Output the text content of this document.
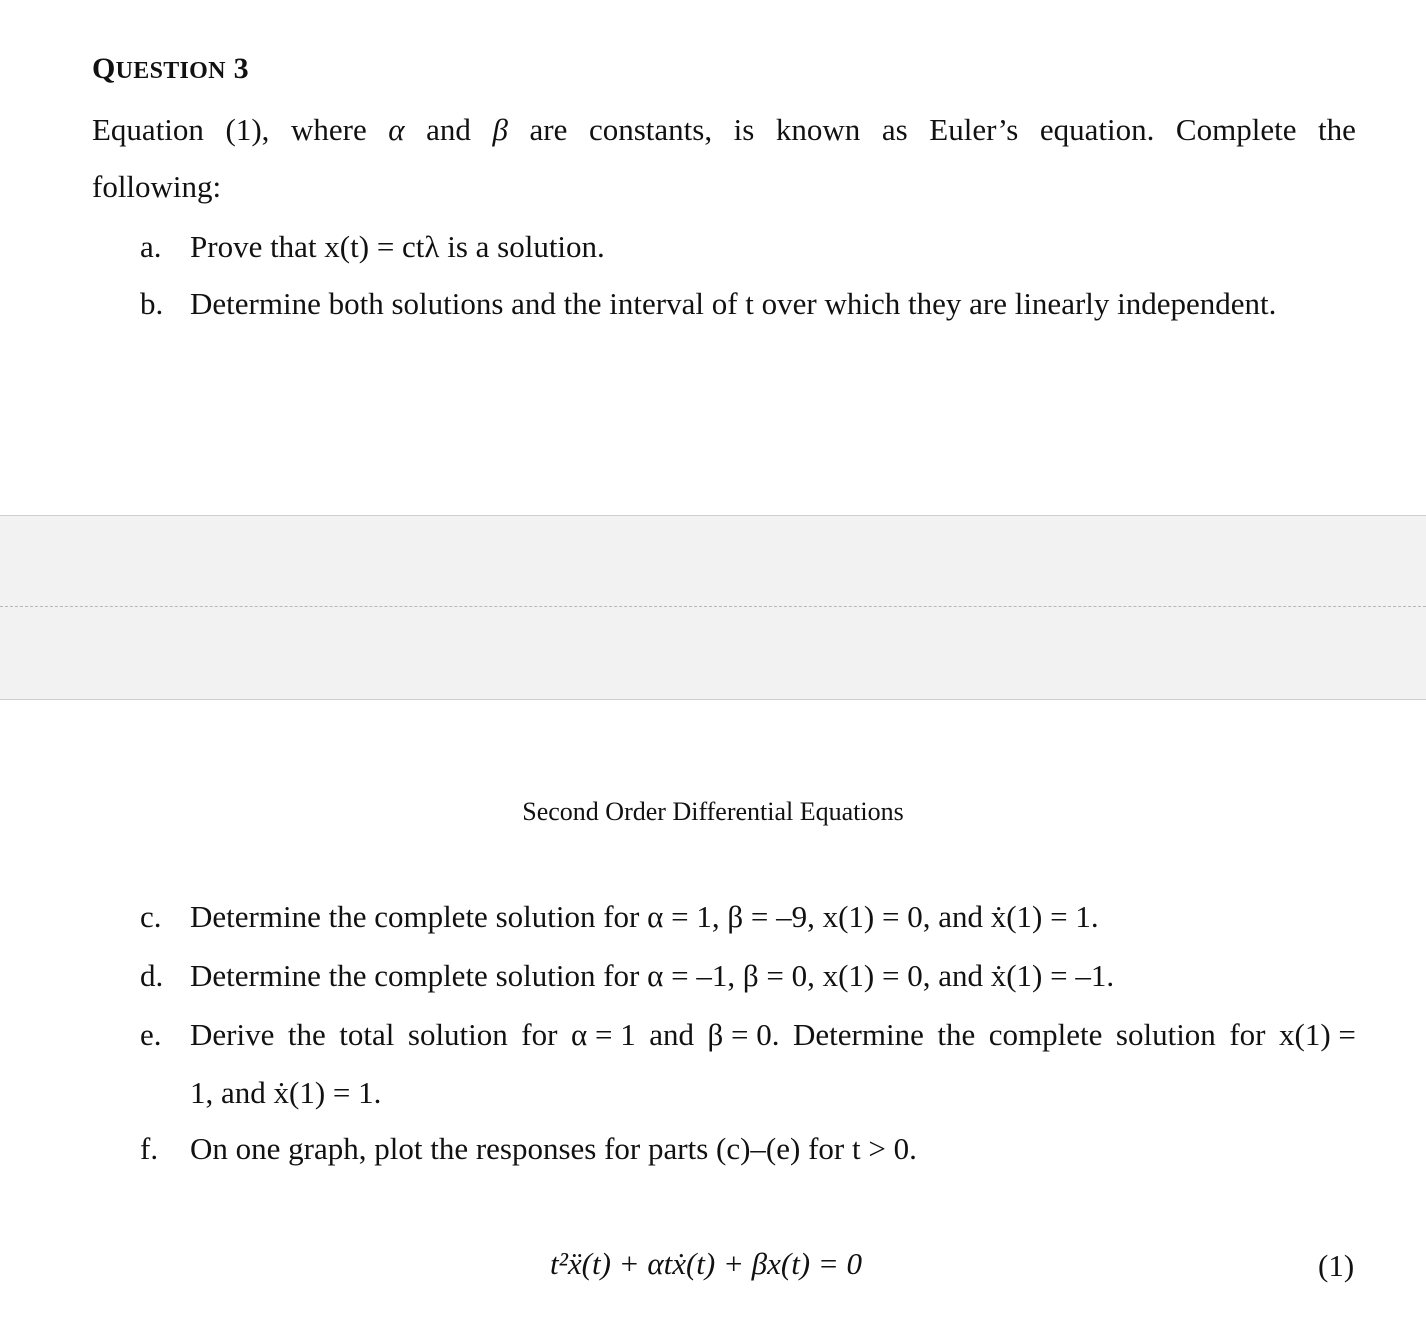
QUESTION 3
Equation (1), where α and β are constants, is known as Euler’s equation. Complete the
following:
a. Prove that x(t) = ctλ is a solution.
b. Determine both solutions and the interval of t over which they are linearly independent.
Second Order Differential Equations
c. Determine the complete solution for α = 1, β = –9, x(1) = 0, and ẋ(1) = 1.
d. Determine the complete solution for α = –1, β = 0, x(1) = 0, and ẋ(1) = –1.
e. Derive the total solution for α = 1 and β = 0. Determine the complete solution for x(1) =
1, and ẋ(1) = 1.
f. On one graph, plot the responses for parts (c)–(e) for t > 0.
t²ẍ(t) + αtẋ(t) + βx(t) = 0	(1)
